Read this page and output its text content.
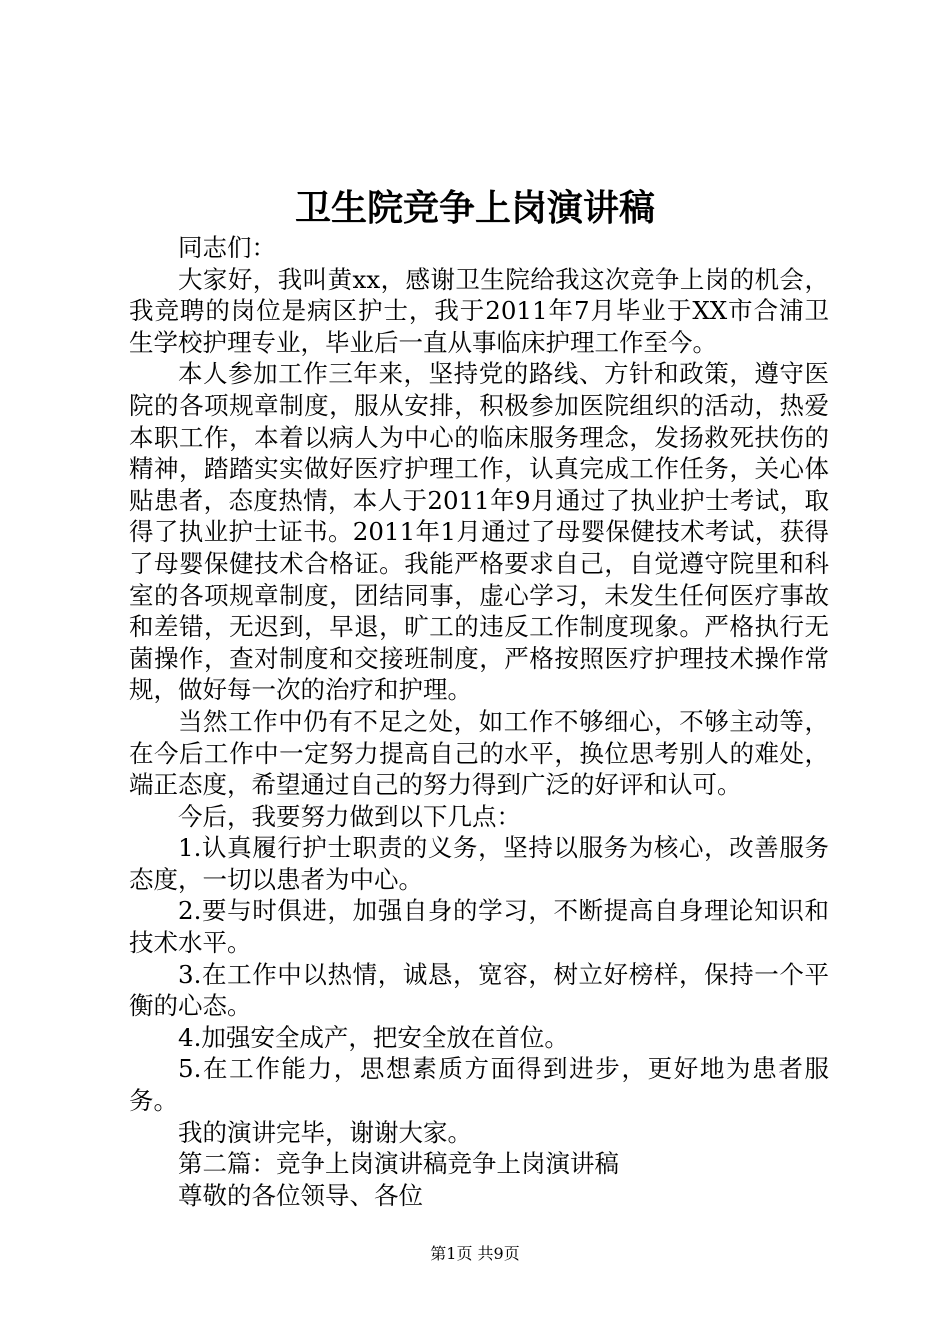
卫生院竞争上岗演讲稿

同志们：

大家好，我叫黄xx，感谢卫生院给我这次竞争上岗的机会，我竞聘的岗位是病区护士，我于2011年7月毕业于XX市合浦卫生学校护理专业，毕业后一直从事临床护理工作至今。

本人参加工作三年来，坚持党的路线、方针和政策，遵守医院的各项规章制度，服从安排，积极参加医院组织的活动，热爱本职工作，本着以病人为中心的临床服务理念，发扬救死扶伤的精神，踏踏实实做好医疗护理工作，认真完成工作任务，关心体贴患者，态度热情，本人于2011年9月通过了执业护士考试，取得了执业护士证书。2011年1月通过了母婴保健技术考试，获得了母婴保健技术合格证。我能严格要求自己，自觉遵守院里和科室的各项规章制度，团结同事，虚心学习，未发生任何医疗事故和差错，无迟到，早退，旷工的违反工作制度现象。严格执行无菌操作，查对制度和交接班制度，严格按照医疗护理技术操作常规，做好每一次的治疗和护理。

当然工作中仍有不足之处，如工作不够细心，不够主动等，在今后工作中一定努力提高自己的水平，换位思考别人的难处，端正态度，希望通过自己的努力得到广泛的好评和认可。

今后，我要努力做到以下几点：

1.认真履行护士职责的义务，坚持以服务为核心，改善服务态度，一切以患者为中心。

2.要与时俱进，加强自身的学习，不断提高自身理论知识和技术水平。

3.在工作中以热情，诚恳，宽容，树立好榜样，保持一个平衡的心态。

4.加强安全成产，把安全放在首位。

5.在工作能力，思想素质方面得到进步，更好地为患者服务。

我的演讲完毕，谢谢大家。

第二篇：竞争上岗演讲稿竞争上岗演讲稿

尊敬的各位领导、各位

第1页 共9页
